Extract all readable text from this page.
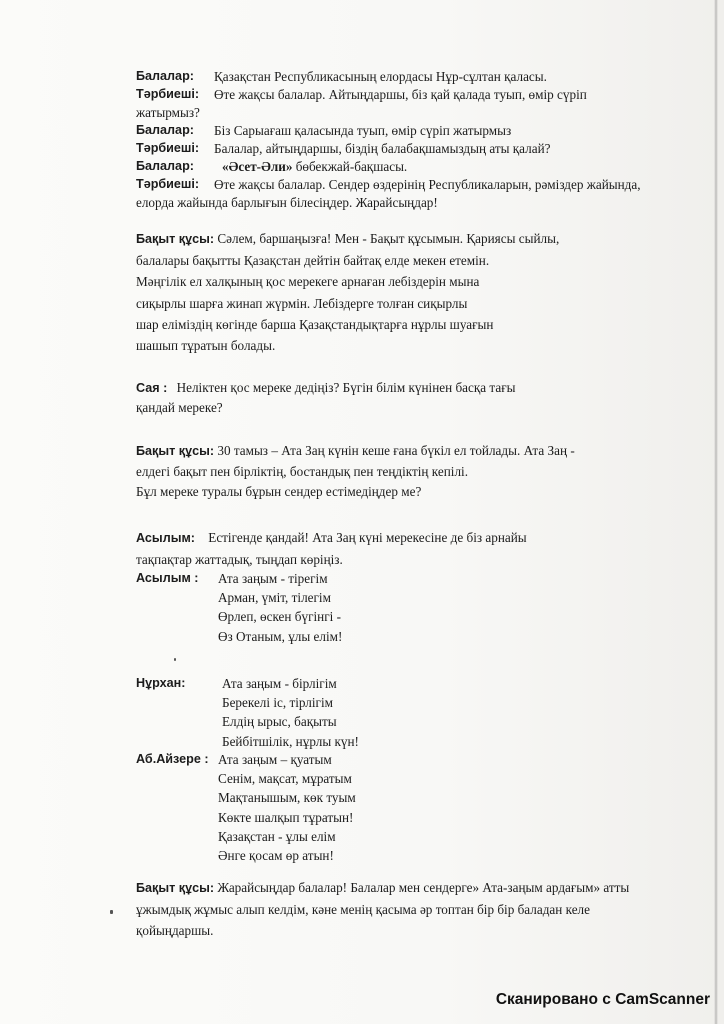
Балалар: Қазақстан Республикасының елордасы Нұр-сұлтан қаласы.
Тәрбиеші: Өте жақсы балалар. Айтыңдаршы, біз қай қалада туып, өмір сүріп
жатырмыз?
Балалар: Біз Сарыағаш қаласында туып, өмір сүріп жатырмыз
Тәрбиеші: Балалар, айтыңдаршы, біздің балабақшамыздың аты қалай?
Балалар: «Әсет-Әли» бөбекжай-бақшасы.
Тәрбиеші: Өте жақсы балалар. Сендер өздерінің Республикаларын, рәміздер жайында,
елорда жайында барлығын білесіңдер. Жарайсыңдар!
Бақыт құсы: Сәлем, баршаңызға! Мен - Бақыт құсымын. Қариясы сыйлы,
балалары бақытты Қазақстан дейтін байтақ елде мекен етемін.
Мәңгілік ел халқының қос мерекеге арнаған лебіздерін мына
сиқырлы шарға жинап жүрмін. Лебіздерге толған сиқырлы
шар еліміздің көгінде барша Қазақстандықтарға нұрлы шуағын
шашып тұратын болады.
Сая : Неліктен қос мереке дедіңіз? Бүгін білім күнінен басқа тағы
қандай мереке?
Бақыт құсы: 30 тамыз – Ата Заң күнін кеше ғана бүкіл ел тойлады. Ата Заң -
елдегі бақыт пен бірліктің, бостандық пен теңдіктің кепілі.
Бұл мереке туралы бұрын сендер естімедіңдер ме?
Асылым: Естігенде қандай! Ата Заң күні мерекесіне де біз арнайы
тақпақтар жаттадық, тыңдап көріңіз.
Асылым : Ата заңым - тірегім
Арман, үміт, тілегім
Өрлеп, өскен бүгінгі -
Өз Отаным, ұлы елім!
Нұрхан:	Ата заңым - бірлігім
Берекелі іс, тірлігім
Елдің ырыс, бақыты
Бейбітшілік, нұрлы күн!
Аб.Айзере : Ата заңым – қуатым
Сенім, мақсат, мұратым
Мақтанышым, көк туым
Көкте шалқып тұратын!
Қазақстан - ұлы елім
Әнге қосам өр атын!
Бақыт құсы: Жарайсыңдар балалар! Балалар мен сендерге» Ата-заңым ардағым» атты
ұжымдық жұмыс алып келдім, кәне менің қасыма әр топтан бір бір баладан келе
қойыңдаршы.
Сканировано с CamScanner
